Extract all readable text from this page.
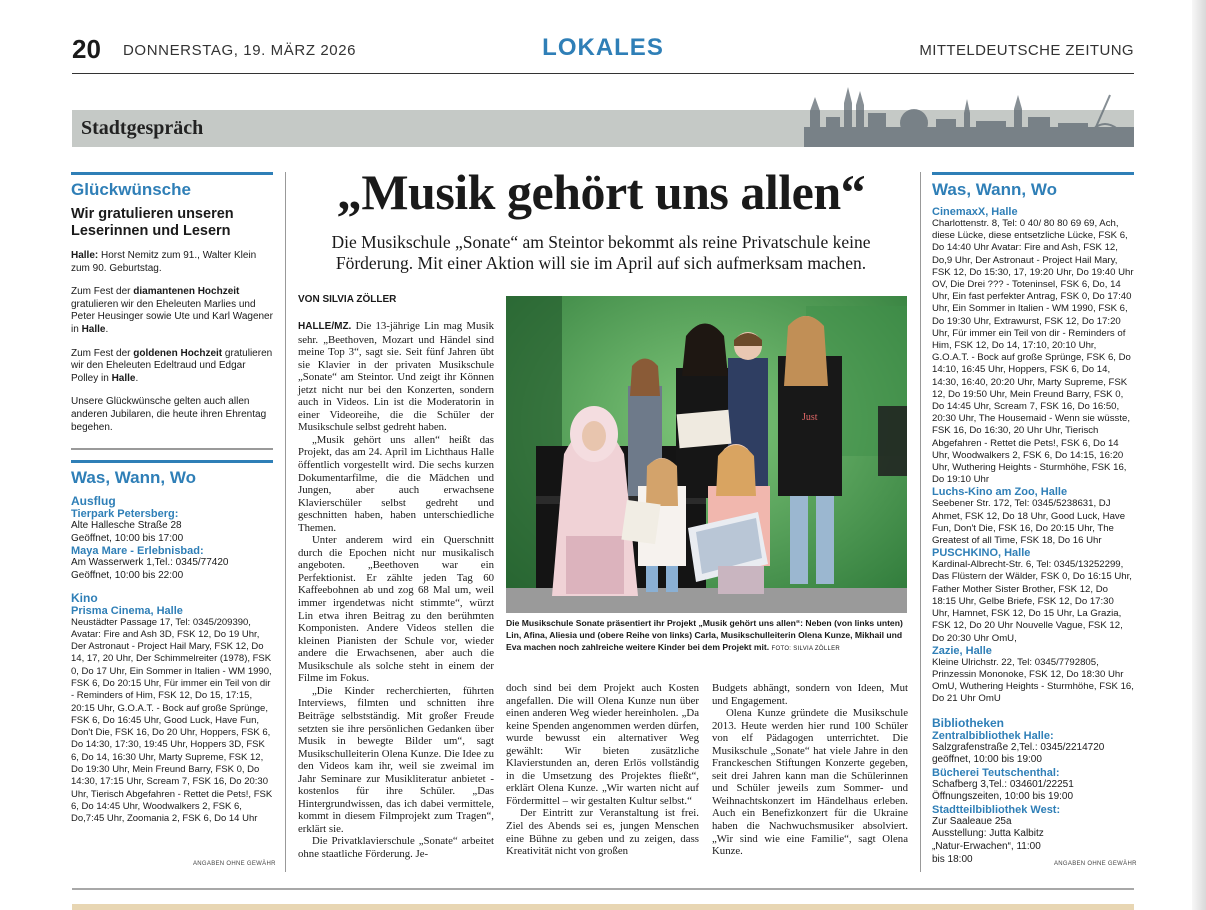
20 DONNERSTAG, 19. MÄRZ 2026	LOKALES	MITTELDEUTSCHE ZEITUNG
Stadtgespräch
Glückwünsche
Wir gratulieren unseren Leserinnen und Lesern
Halle: Horst Nemitz zum 91., Walter Klein zum 90. Geburtstag.
Zum Fest der diamantenen Hochzeit gratulieren wir den Eheleuten Marlies und Peter Heusinger sowie Ute und Karl Wagener in Halle.
Zum Fest der goldenen Hochzeit gratulieren wir den Eheleuten Edeltraud und Edgar Polley in Halle.
Unsere Glückwünsche gelten auch allen anderen Jubilaren, die heute ihren Ehrentag begehen.
Was, Wann, Wo
Ausflug
Tierpark Petersberg:
Alte Hallesche Straße 28
Geöffnet, 10:00 bis 17:00
Maya Mare - Erlebnisbad:
Am Wasserwerk 1,Tel.: 0345/77420
Geöffnet, 10:00 bis 22:00
Kino
Prisma Cinema, Halle
Neustädter Passage 17, Tel: 0345/209390, Avatar: Fire and Ash 3D, FSK 12, Do 19 Uhr, Der Astronaut - Project Hail Mary, FSK 12, Do 14, 17, 20 Uhr, Der Schimmelreiter (1978), FSK 0, Do 17 Uhr, Ein Sommer in Italien - WM 1990, FSK 6, Do 20:15 Uhr, Für immer ein Teil von dir - Reminders of Him, FSK 12, Do 15, 17:15, 20:15 Uhr, G.O.A.T. - Bock auf große Sprünge, FSK 6, Do 16:45 Uhr, Good Luck, Have Fun, Don't Die, FSK 16, Do 20 Uhr, Hoppers, FSK 6, Do 14:30, 17:30, 19:45 Uhr, Hoppers 3D, FSK 6, Do 14, 16:30 Uhr, Marty Supreme, FSK 12, Do 19:30 Uhr, Mein Freund Barry, FSK 0, Do 14:30, 17:15 Uhr, Scream 7, FSK 16, Do 20:30 Uhr, Tierisch Abgefahren - Rettet die Pets!, FSK 6, Do 14:45 Uhr, Woodwalkers 2, FSK 6, Do,7:45 Uhr, Zoomania 2, FSK 6, Do 14 Uhr
ANGABEN OHNE GEWÄHR
„Musik gehört uns allen“
Die Musikschule „Sonate“ am Steintor bekommt als reine Privatschule keine Förderung. Mit einer Aktion will sie im April auf sich aufmerksam machen.
VON SILVIA ZÖLLER

HALLE/MZ. Die 13-jährige Lin mag Musik sehr. „Beethoven, Mozart und Händel sind meine Top 3“, sagt sie. Seit fünf Jahren übt sie Klavier in der privaten Musikschule „Sonate“ am Steintor. Und zeigt ihr Können jetzt nicht nur bei den Konzerten, sondern auch in Videos. Lin ist die Moderatorin in einer Videoreihe, die die Schüler der Musikschule selbst gedreht haben.

„Musik gehört uns allen“ heißt das Projekt, das am 24. April im Lichthaus Halle öffentlich vorgestellt wird. Die sechs kurzen Dokumentarfilme, die die Mädchen und Jungen, aber auch erwachsene Klavierschüler selbst gedreht und geschnitten haben, haben unterschiedliche Themen.

Unter anderem wird ein Querschnitt durch die Epochen nicht nur musikalisch angeboten. „Beethoven war ein Perfektionist. Er zählte jeden Tag 60 Kaffeebohnen ab und zog 68 Mal um, weil immer irgendetwas nicht stimmte“, würzt Lin etwa ihren Beitrag zu den berühmten Komponisten. Andere Videos stellen die kleinen Pianisten der Schule vor, wieder andere die Erwachsenen, aber auch die Musikschule als solche steht in einem der Filme im Fokus.

„Die Kinder recherchierten, führten Interviews, filmten und schnitten ihre Beiträge selbstständig. Mit großer Freude setzten sie ihre persönlichen Gedanken über Musik in bewegte Bilder um“, sagt Musikschulleiterin Olena Kunze. Die Idee zu den Videos kam ihr, weil sie zweimal im Jahr Seminare zur Musikliteratur anbietet - kostenlos für ihre Schüler. „Das Hintergrundwissen, das ich dabei vermittele, kommt in diesem Filmprojekt zum Tragen“, erklärt sie.

Die Privatklavierschule „Sonate“ arbeitet ohne staatliche Förderung. Je-

Just
Die Musikschule Sonate präsentiert ihr Projekt „Musik gehört uns allen“: Neben (von links unten) Lin, Afina, Aliesia und (obere Reihe von links) Carla, Musikschulleiterin Olena Kunze, Mikhail und Eva machen noch zahlreiche weitere Kinder bei dem Projekt mit. FOTO: SILVIA ZÖLLER

doch sind bei dem Projekt auch Kosten angefallen. Die will Olena Kunze nun über einen anderen Weg wieder hereinholen. „Da keine Spenden angenommen werden dürfen, wurde bewusst ein alternativer Weg gewählt: Wir bieten zusätzliche Klavierstunden an, deren Erlös vollständig in die Umsetzung des Projektes fließt“, erklärt Olena Kunze. „Wir warten nicht auf Fördermittel – wir gestalten Kultur selbst.“

Der Eintritt zur Veranstaltung ist frei. Ziel des Abends sei es, jungen Menschen eine Bühne zu geben und zu zeigen, dass Kreativität nicht von großen

Budgets abhängt, sondern von Ideen, Mut und Engagement.

Olena Kunze gründete die Musikschule 2013. Heute werden hier rund 100 Schüler von elf Pädagogen unterrichtet. Die Musikschule „Sonate“ hat viele Jahre in den Franckeschen Stiftungen Konzerte gegeben, seit drei Jahren kann man die Schülerinnen und Schüler jeweils zum Sommer- und Weihnachtskonzert im Händelhaus erleben. Auch ein Benefizkonzert für die Ukraine haben die Nachwuchsmusiker absolviert. „Wir sind wie eine Familie“, sagt Olena Kunze.

Was, Wann, Wo
CinemaxX, Halle
Charlottenstr. 8, Tel: 0 40/ 80 80 69 69, Ach, diese Lücke, diese entsetzliche Lücke, FSK 6, Do 14:40 Uhr Avatar: Fire and Ash, FSK 12, Do,9 Uhr, Der Astronaut - Project Hail Mary, FSK 12, Do 15:30, 17, 19:20 Uhr, Do 19:40 Uhr OV, Die Drei ??? - Toteninsel, FSK 6, Do, 14 Uhr, Ein fast perfekter Antrag, FSK 0, Do 17:40 Uhr, Ein Sommer in Italien - WM 1990, FSK 6, Do 19:30 Uhr, Extrawurst, FSK 12, Do 17:20 Uhr, Für immer ein Teil von dir - Reminders of Him, FSK 12, Do 14, 17:10, 20:10 Uhr, G.O.A.T. - Bock auf große Sprünge, FSK 6, Do 14:10, 16:45 Uhr, Hoppers, FSK 6, Do 14, 14:30, 16:40, 20:20 Uhr, Marty Supreme, FSK 12, Do 19:50 Uhr, Mein Freund Barry, FSK 0, Do 14:45 Uhr, Scream 7, FSK 16, Do 16:50, 20:30 Uhr, The Housemaid - Wenn sie wüsste, FSK 16, Do 16:30, 20 Uhr Uhr, Tierisch Abgefahren - Rettet die Pets!, FSK 6, Do 14 Uhr, Woodwalkers 2, FSK 6, Do 14:15, 16:20 Uhr, Wuthering Heights - Sturmhöhe, FSK 16, Do 19:10 Uhr
Luchs-Kino am Zoo, Halle
Seebener Str. 172, Tel: 0345/5238631, DJ Ahmet, FSK 12, Do 18 Uhr, Good Luck, Have Fun, Don't Die, FSK 16, Do 20:15 Uhr, The Greatest of all Time, FSK 18, Do 16 Uhr
PUSCHKINO, Halle
Kardinal-Albrecht-Str. 6, Tel: 0345/13252299, Das Flüstern der Wälder, FSK 0, Do 16:15 Uhr, Father Mother Sister Brother, FSK 12, Do 18:15 Uhr, Gelbe Briefe, FSK 12, Do 17:30 Uhr, Hamnet, FSK 12, Do 15 Uhr, La Grazia, FSK 12, Do 20 Uhr Nouvelle Vague, FSK 12, Do 20:30 Uhr OmU,
Zazie, Halle
Kleine Ulrichstr. 22, Tel: 0345/7792805, Prinzessin Mononoke, FSK 12, Do 18:30 Uhr OmU, Wuthering Heights - Sturmhöhe, FSK 16, Do 21 Uhr OmU
Bibliotheken
Zentralbibliothek Halle:
Salzgrafenstraße 2,Tel.: 0345/2214720
geöffnet, 10:00 bis 19:00
Bücherei Teutschenthal:
Schafberg 3,Tel.: 034601/22251
Öffnungszeiten, 10:00 bis 19:00
Stadtteilbibliothek West:
Zur Saaleaue 25a
Ausstellung: Jutta Kalbitz „Natur-Erwachen“, 11:00 bis 18:00	ANGABEN OHNE GEWÄHR
